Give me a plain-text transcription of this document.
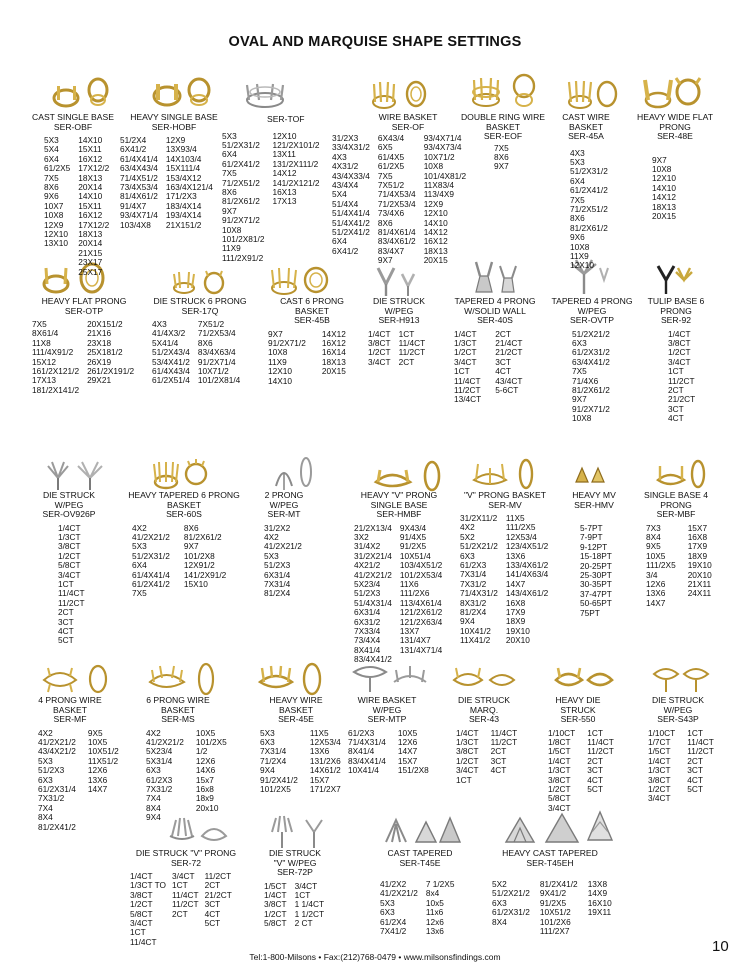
OVAL AND MARQUISE SHAPE SETTINGS
CAST SINGLE BASE
SER-OBF
5X3
5X4
6X4
61/2X5
7X5
8X6
9X6
10X7
10X8
12X9
12X10
13X10
14X10
15X11
16X12
17X12/2
18X13
20X14
14X10
15X11
16X12
17X12/2
18X13
20X14
21X15
23X17
25X17
HEAVY SINGLE BASE
SER-HOBF
51/2X4
6X41/2
61/4X41/4
63/4X43/4
71/4X51/2
73/4X53/4
81/4X61/2
91/4X7
93/4X71/4
103/4X8
12X9
13X93/4
14X103/4
15X111/4
153/4X12
163/4X121/4
171/2X3
183/4X14
193/4X14
21X151/2
SER-TOF
5X3
51/2X31/2
6X4
61/2X41/2
7X5
71/2X51/2
8X6
81/2X61/2
9X7
91/2X71/2
10X8
101/2X81/2
11X9
111/2X91/2
12X10
121/2X101/2
13X11
131/2X111/2
14X12
141/2X121/2
16X13
17X13
WIRE BASKET
SER-OF
31/2X3
33/4X31/2
4X3
4X31/2
43/4X33/4
43/4X4
5X4
51/4X4
51/4X41/4
51/4X41/2
51/2X41/2
6X4
6X41/2
6X43/4
6X5
61/4X5
61/2X5
7X5
7X51/2
71/4X53/4
71/2X53/4
73/4X6
8X6
81/4X61/4
83/4X61/2
83/4X7
9X7
93/4X71/4
93/4X73/4
10X71/2
10X8
101/4X81/2
11X83/4
113/4X9
12X9
12X10
14X10
14X12
16X12
18X13
20X15
DOUBLE RING WIRE BASKET
SER-EOF
7X5
8X6
9X7
CAST WIRE BASKET
SER-45A
4X3
5X3
51/2X31/2
6X4
61/2X41/2
7X5
71/2X51/2
8X6
81/2X61/2
9X6
10X8
11X9
12X10
HEAVY WIDE FLAT PRONG
SER-48E
9X7
10X8
12X10
14X10
14X12
18X13
20X15
HEAVY FLAT PRONG
SER-OTP
7X5
8X61/4
11X8
111/4X91/2
15X12
161/2X121/2
17X13
181/2X141/2
20X151/2
21X16
23X18
25X181/2
26X19
261/2X191/2
29X21
DIE STRUCK 6 PRONG
SER-17Q
4X3
41/4X3/2
5X41/4
51/2X43/4
53/4X41/2
61/4X43/4
61/2X51/4
7X51/2
71/2X53/4
8X6
83/4X63/4
91/2X71/4
10X71/2
101/2X81/4
CAST 6 PRONG BASKET
SER-45B
9X7
91/2X71/2
10X8
11X9
12X10
14X10
14X12
16X12
16X14
18X13
20X15
DIE STRUCK W/PEG
SER-H913
1/4CT
3/8CT
1/2CT
3/4CT
1CT
11/4CT
11/2CT
2CT
TAPERED 4 PRONG W/SOLID WALL
SER-40S
1/4CT
1/3CT
1/2CT
3/4CT
1CT
11/4CT
11/2CT
13/4CT
2CT
21/4CT
21/2CT
3CT
4CT
43/4CT
5-6CT
TAPERED 4 PRONG W/PEG
SER-OVTP
51/2X21/2
6X3
61/2X31/2
63/4X41/2
7X5
71/4X6
81/2X61/2
9X7
91/2X71/2
10X8
TULIP BASE 6 PRONG
SER-92
1/4CT
3/8CT
1/2CT
3/4CT
1CT
11/2CT
2CT
21/2CT
3CT
4CT
DIE STRUCK W/PEG
SER-OV926P
1/4CT
1/3CT
3/8CT
1/2CT
5/8CT
3/4CT
1CT
11/4CT
11/2CT
2CT
3CT
4CT
5CT
HEAVY TAPERED 6 PRONG BASKET
SER-60S
4X2
41/2X21/2
5X3
51/2X31/2
6X4
61/4X41/4
61/2X41/2
7X5
8X6
81/2X61/2
9X7
101/2X8
12X91/2
141/2X91/2
15X10
2 PRONG W/PEG
SER-MT
31/2X2
4X2
41/2X21/2
5X3
51/2X3
6X31/4
7X31/4
81/2X4
HEAVY "V" PRONG SINGLE BASE
SER-HMBF
21/2X13/4
3X2
31/4X2
31/2X21/4
4X21/2
41/2X21/2
5X23/4
51/2X3
51/4X31/4
6X31/4
6X31/2
7X33/4
73/4X4
8X41/4
83/4X41/2
9X43/4
91/4X5
91/2X5
10X51/4
103/4X51/2
101/2X53/4
11X6
111/2X6
113/4X61/4
121/2X61/2
121/2X63/4
13X7
131/4X7
131/4X71/4
"V" PRONG BASKET
SER-MV
31/2X11/2
4X2
5X2
51/2X21/2
6X3
61/2X3
7X31/4
7X31/2
71/4X31/2
8X31/2
81/2X4
9X4
10X41/2
11X41/2
11X5
111/2X5
12X53/4
123/4X51/2
13X6
133/4X61/2
141/4X63/4
14X7
143/4X61/2
16X8
17X9
18X9
19X10
20X10
HEAVY MV
SER-HMV
5-7PT
7-9PT
9-12PT
15-18PT
20-25PT
25-30PT
30-35PT
37-47PT
50-65PT
75PT
SINGLE BASE 4 PRONG
SER-MBF
7X3
8X4
9X5
10X5
111/2X5
3/4
12X6
13X6
14X7
15X7
16X8
17X9
18X9
19X10
20X10
21X11
24X11
4 PRONG WIRE BASKET
SER-MF
4X2
41/2X21/2
43/4X21/2
5X3
51/2X3
6X3
61/2X31/4
7X31/2
7X4
8X4
81/2X41/2
9X5
10X5
10X51/2
11X51/2
12X6
13X6
14X7
6 PRONG WIRE BASKET
SER-MS
4X2
41/2X21/2
5X23/4
5X31/4
6X3
61/2X3
7X31/2
7X4
8X4
9X4
10X5
101/2X5
1/2
12X6
14X6
15x7
16x8
18x9
20x10
HEAVY WIRE BASKET
SER-45E
5X3
6X3
7X31/4
71/2X4
9X4
91/2X41/2
101/2X5
11X5
12X53/4
13X6
131/2X6
14X61/2
15X7
171/2X7
WIRE BASKET W/PEG
SER-MTP
61/2X3
71/4X31/4
8X41/4
83/4X41/4
10X41/4
10X5
12X6
14X7
15X7
151/2X8
DIE STRUCK MARQ.
SER-43
1/4CT
1/3CT
3/8CT
1/2CT
3/4CT
1CT
11/4CT
11/2CT
2CT
3CT
4CT
HEAVY DIE STRUCK
SER-550
1/10CT
1/8CT
1/5CT
1/4CT
1/3CT
3/8CT
1/2CT
5/8CT
3/4CT
1CT
11/4CT
11/2CT
2CT
3CT
4CT
5CT
DIE STRUCK W/PEG
SER-S43P
1/10CT
1/7CT
1/5CT
1/4CT
1/3CT
3/8CT
1/2CT
3/4CT
1CT
11/4CT
11/2CT
2CT
3CT
4CT
5CT
DIE STRUCK "V" PRONG
SER-72
1/4CT
1/3CT TO
3/8CT
1/2CT
5/8CT
3/4CT
1CT
11/4CT
3/4CT
1CT
11/4CT
11/2CT
2CT
11/2CT
2CT
21/2CT
3CT
4CT
5CT
DIE STRUCK "V" W/PEG
SER-72P
1/5CT
1/4CT
3/8CT
1/2CT
5/8CT
3/4CT
1CT
1 1/4CT
1 1/2CT
2 CT
CAST TAPERED
SER-T45E
41/2X2
41/2X21/2
5X3
6X3
61/2X4
7X41/2
7 1/2X5
8x4
10x5
11x6
12x6
13x6
HEAVY CAST TAPERED
SER-T45EH
5X2
51/2X21/2
6X3
61/2X31/2
8X4
81/2X41/2
9X41/2
91/2X5
10X51/2
101/2X6
111/2X7
13X8
14X9
16X10
19X11
10
Tel:1-800-Milsons • Fax:(212)768-0479 • www.milsonsfindings.com
